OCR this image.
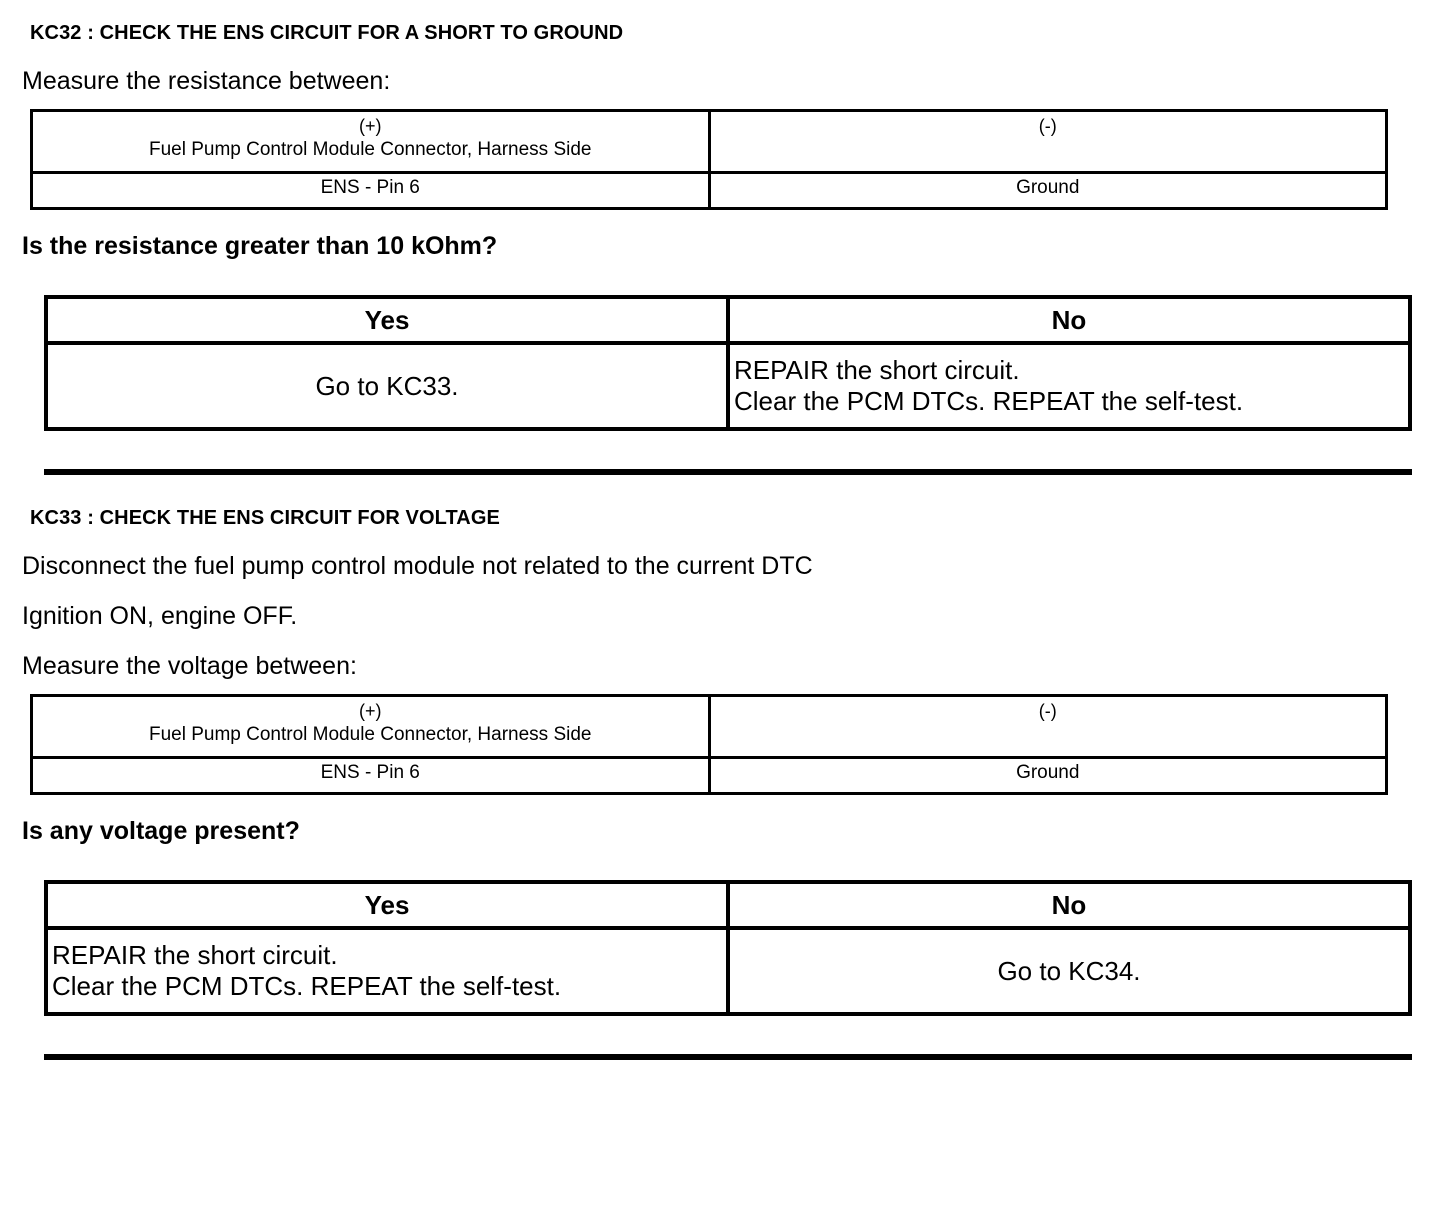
KC32 : CHECK THE ENS CIRCUIT FOR A SHORT TO GROUND
Measure the resistance between:
(+)
Fuel Pump Control Module Connector, Harness Side	(-)

ENS - Pin 6	Ground
Is the resistance greater than 10 kOhm?
Yes	No

Go to KC33.	REPAIR the short circuit.
Clear the PCM DTCs. REPEAT the self-test.
KC33 : CHECK THE ENS CIRCUIT FOR VOLTAGE
Disconnect the fuel pump control module not related to the current DTC
Ignition ON, engine OFF.
Measure the voltage between:
(+)
Fuel Pump Control Module Connector, Harness Side	(-)

ENS - Pin 6	Ground
Is any voltage present?
Yes	No

REPAIR the short circuit.
Clear the PCM DTCs. REPEAT the self-test.	Go to KC34.
